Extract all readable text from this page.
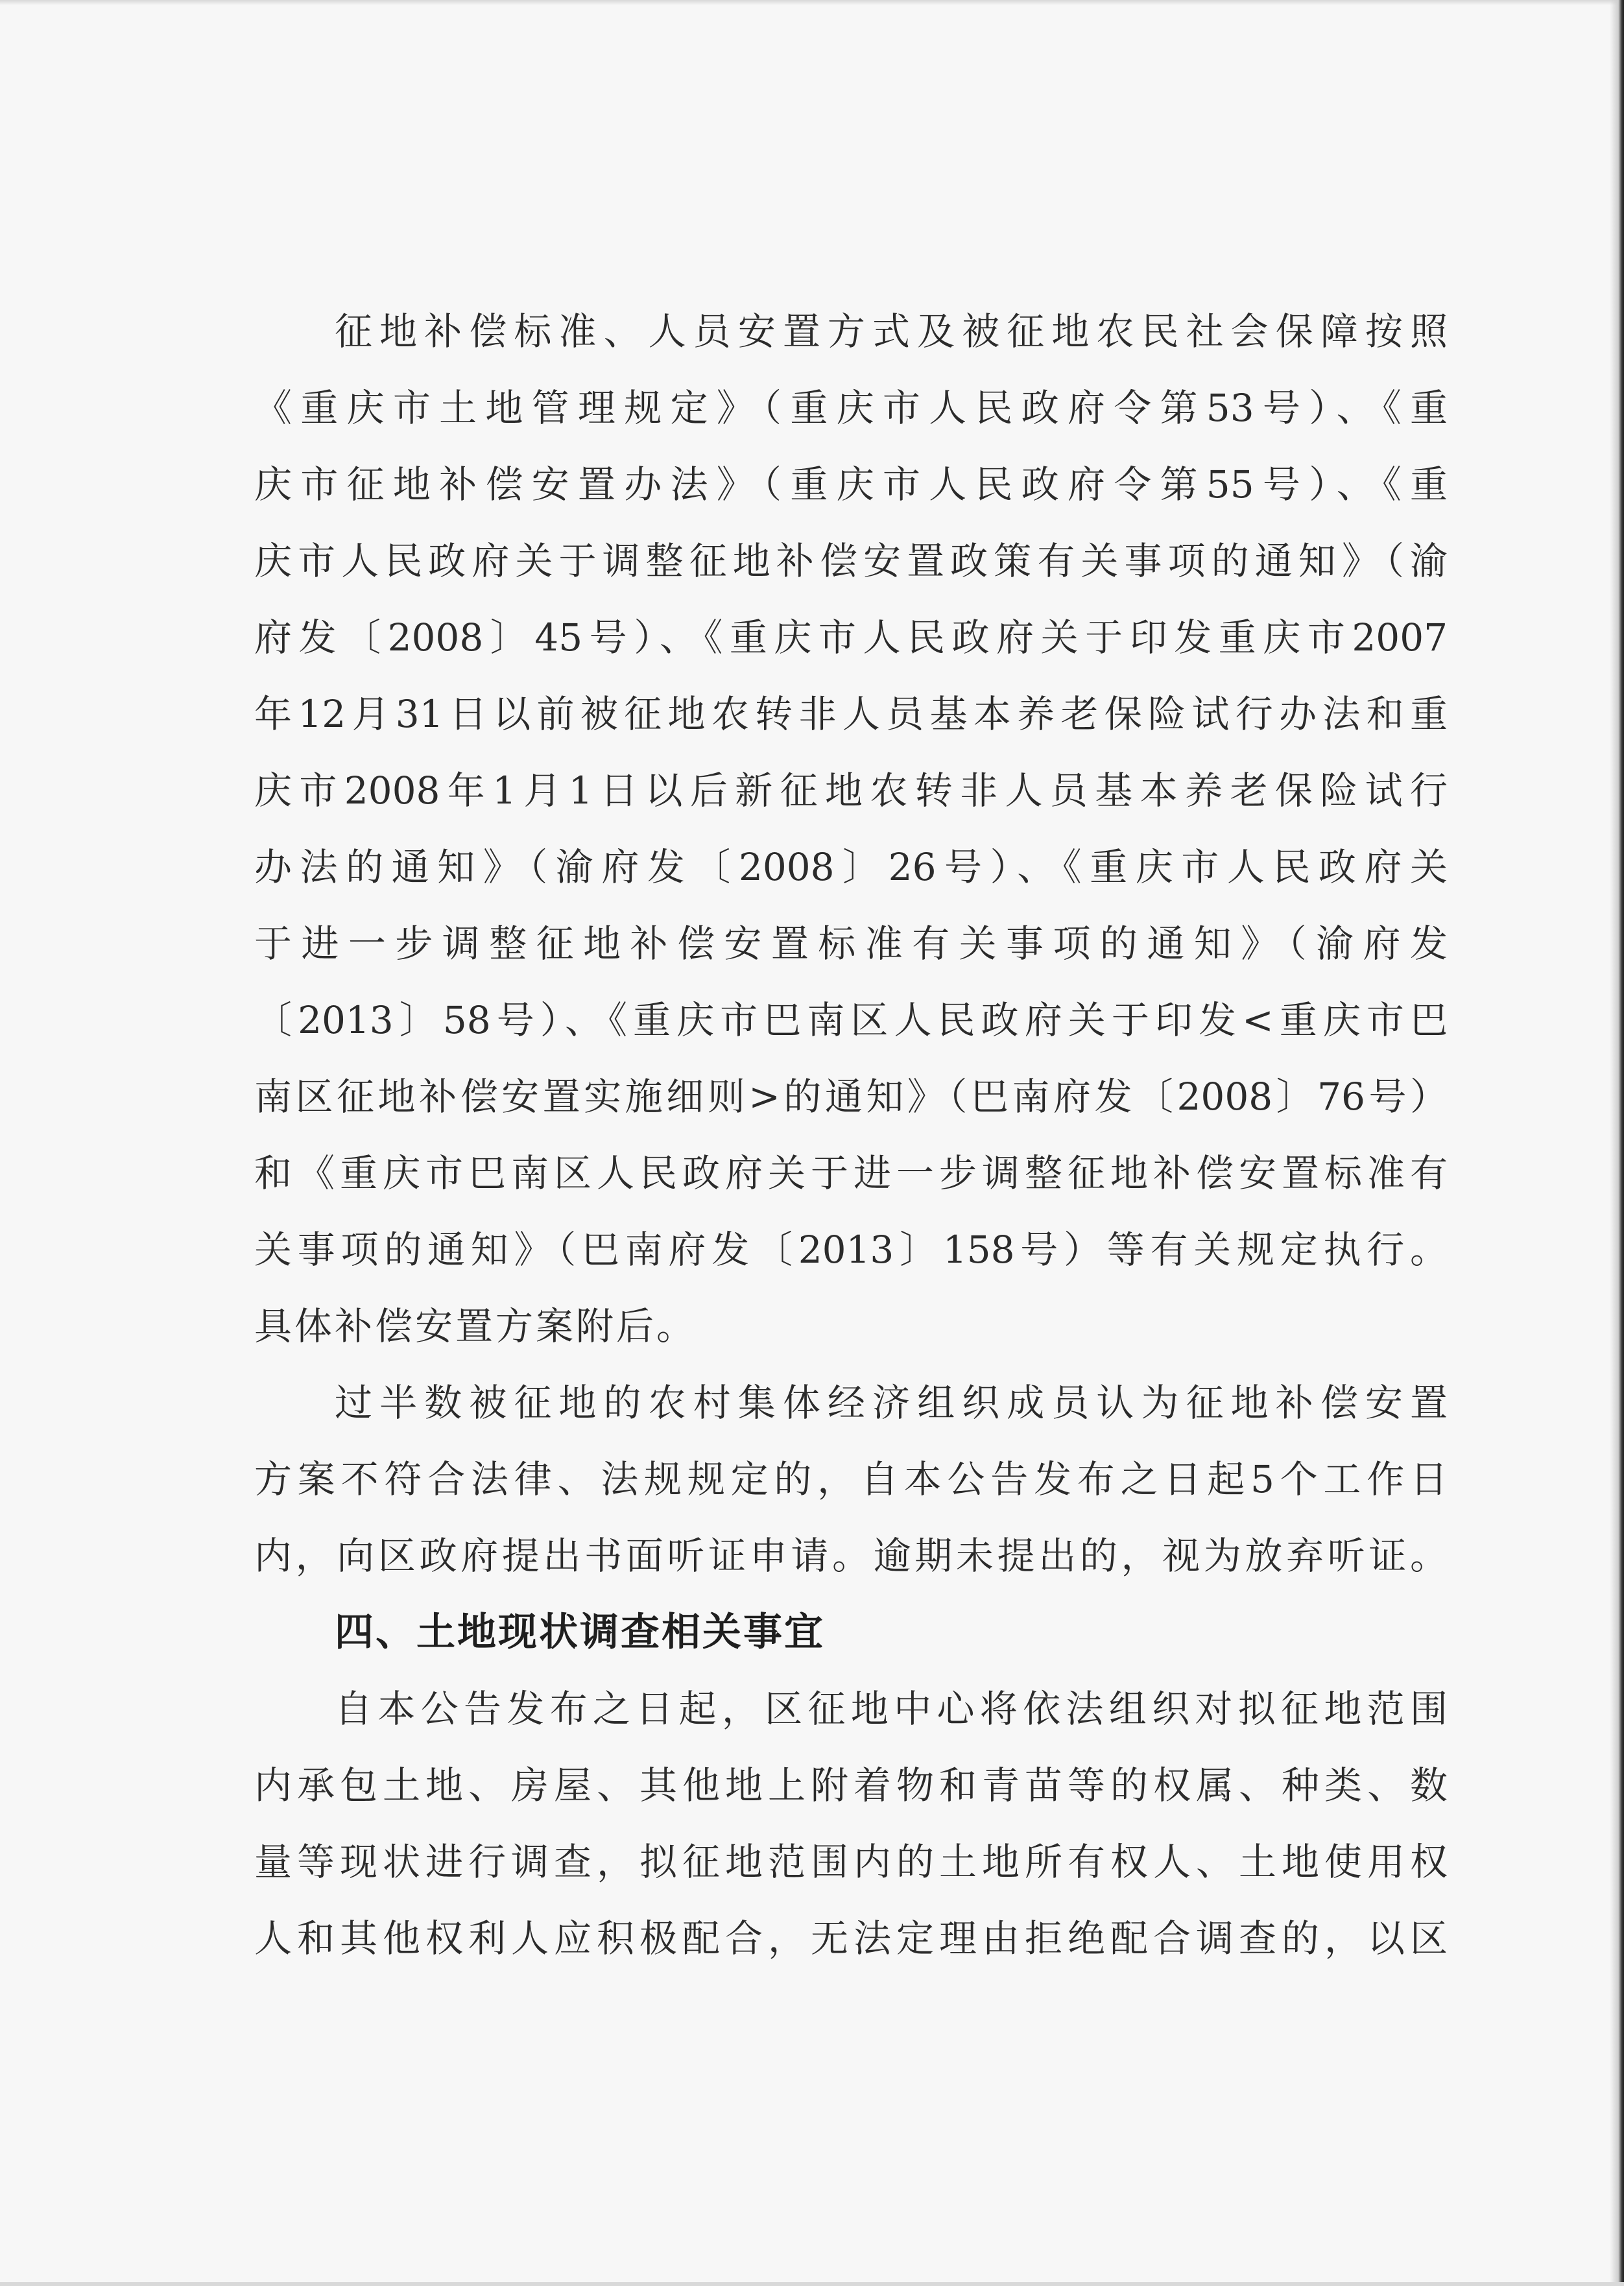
征地补偿标准、人员安置方式及被征地农民社会保障按照
《重庆市土地管理规定》（重庆市人民政府令第53号）、《重
庆市征地补偿安置办法》（重庆市人民政府令第55号）、《重
庆市人民政府关于调整征地补偿安置政策有关事项的通知》（渝
府发〔2008〕45号）、《重庆市人民政府关于印发重庆市2007
年12月31日以前被征地农转非人员基本养老保险试行办法和重
庆市2008年1月1日以后新征地农转非人员基本养老保险试行
办法的通知》（渝府发〔2008〕26号）、《重庆市人民政府关
于进一步调整征地补偿安置标准有关事项的通知》（渝府发
〔2013〕58号）、《重庆市巴南区人民政府关于印发<重庆市巴
南区征地补偿安置实施细则>的通知》（巴南府发〔2008〕76号）
和《重庆市巴南区人民政府关于进一步调整征地补偿安置标准有
关事项的通知》（巴南府发〔2013〕158号）等有关规定执行。
具体补偿安置方案附后。
过半数被征地的农村集体经济组织成员认为征地补偿安置
方案不符合法律、法规规定的，自本公告发布之日起5个工作日
内，向区政府提出书面听证申请。逾期未提出的，视为放弃听证。
四、土地现状调查相关事宜
自本公告发布之日起，区征地中心将依法组织对拟征地范围
内承包土地、房屋、其他地上附着物和青苗等的权属、种类、数
量等现状进行调查，拟征地范围内的土地所有权人、土地使用权
人和其他权利人应积极配合，无法定理由拒绝配合调查的，以区
